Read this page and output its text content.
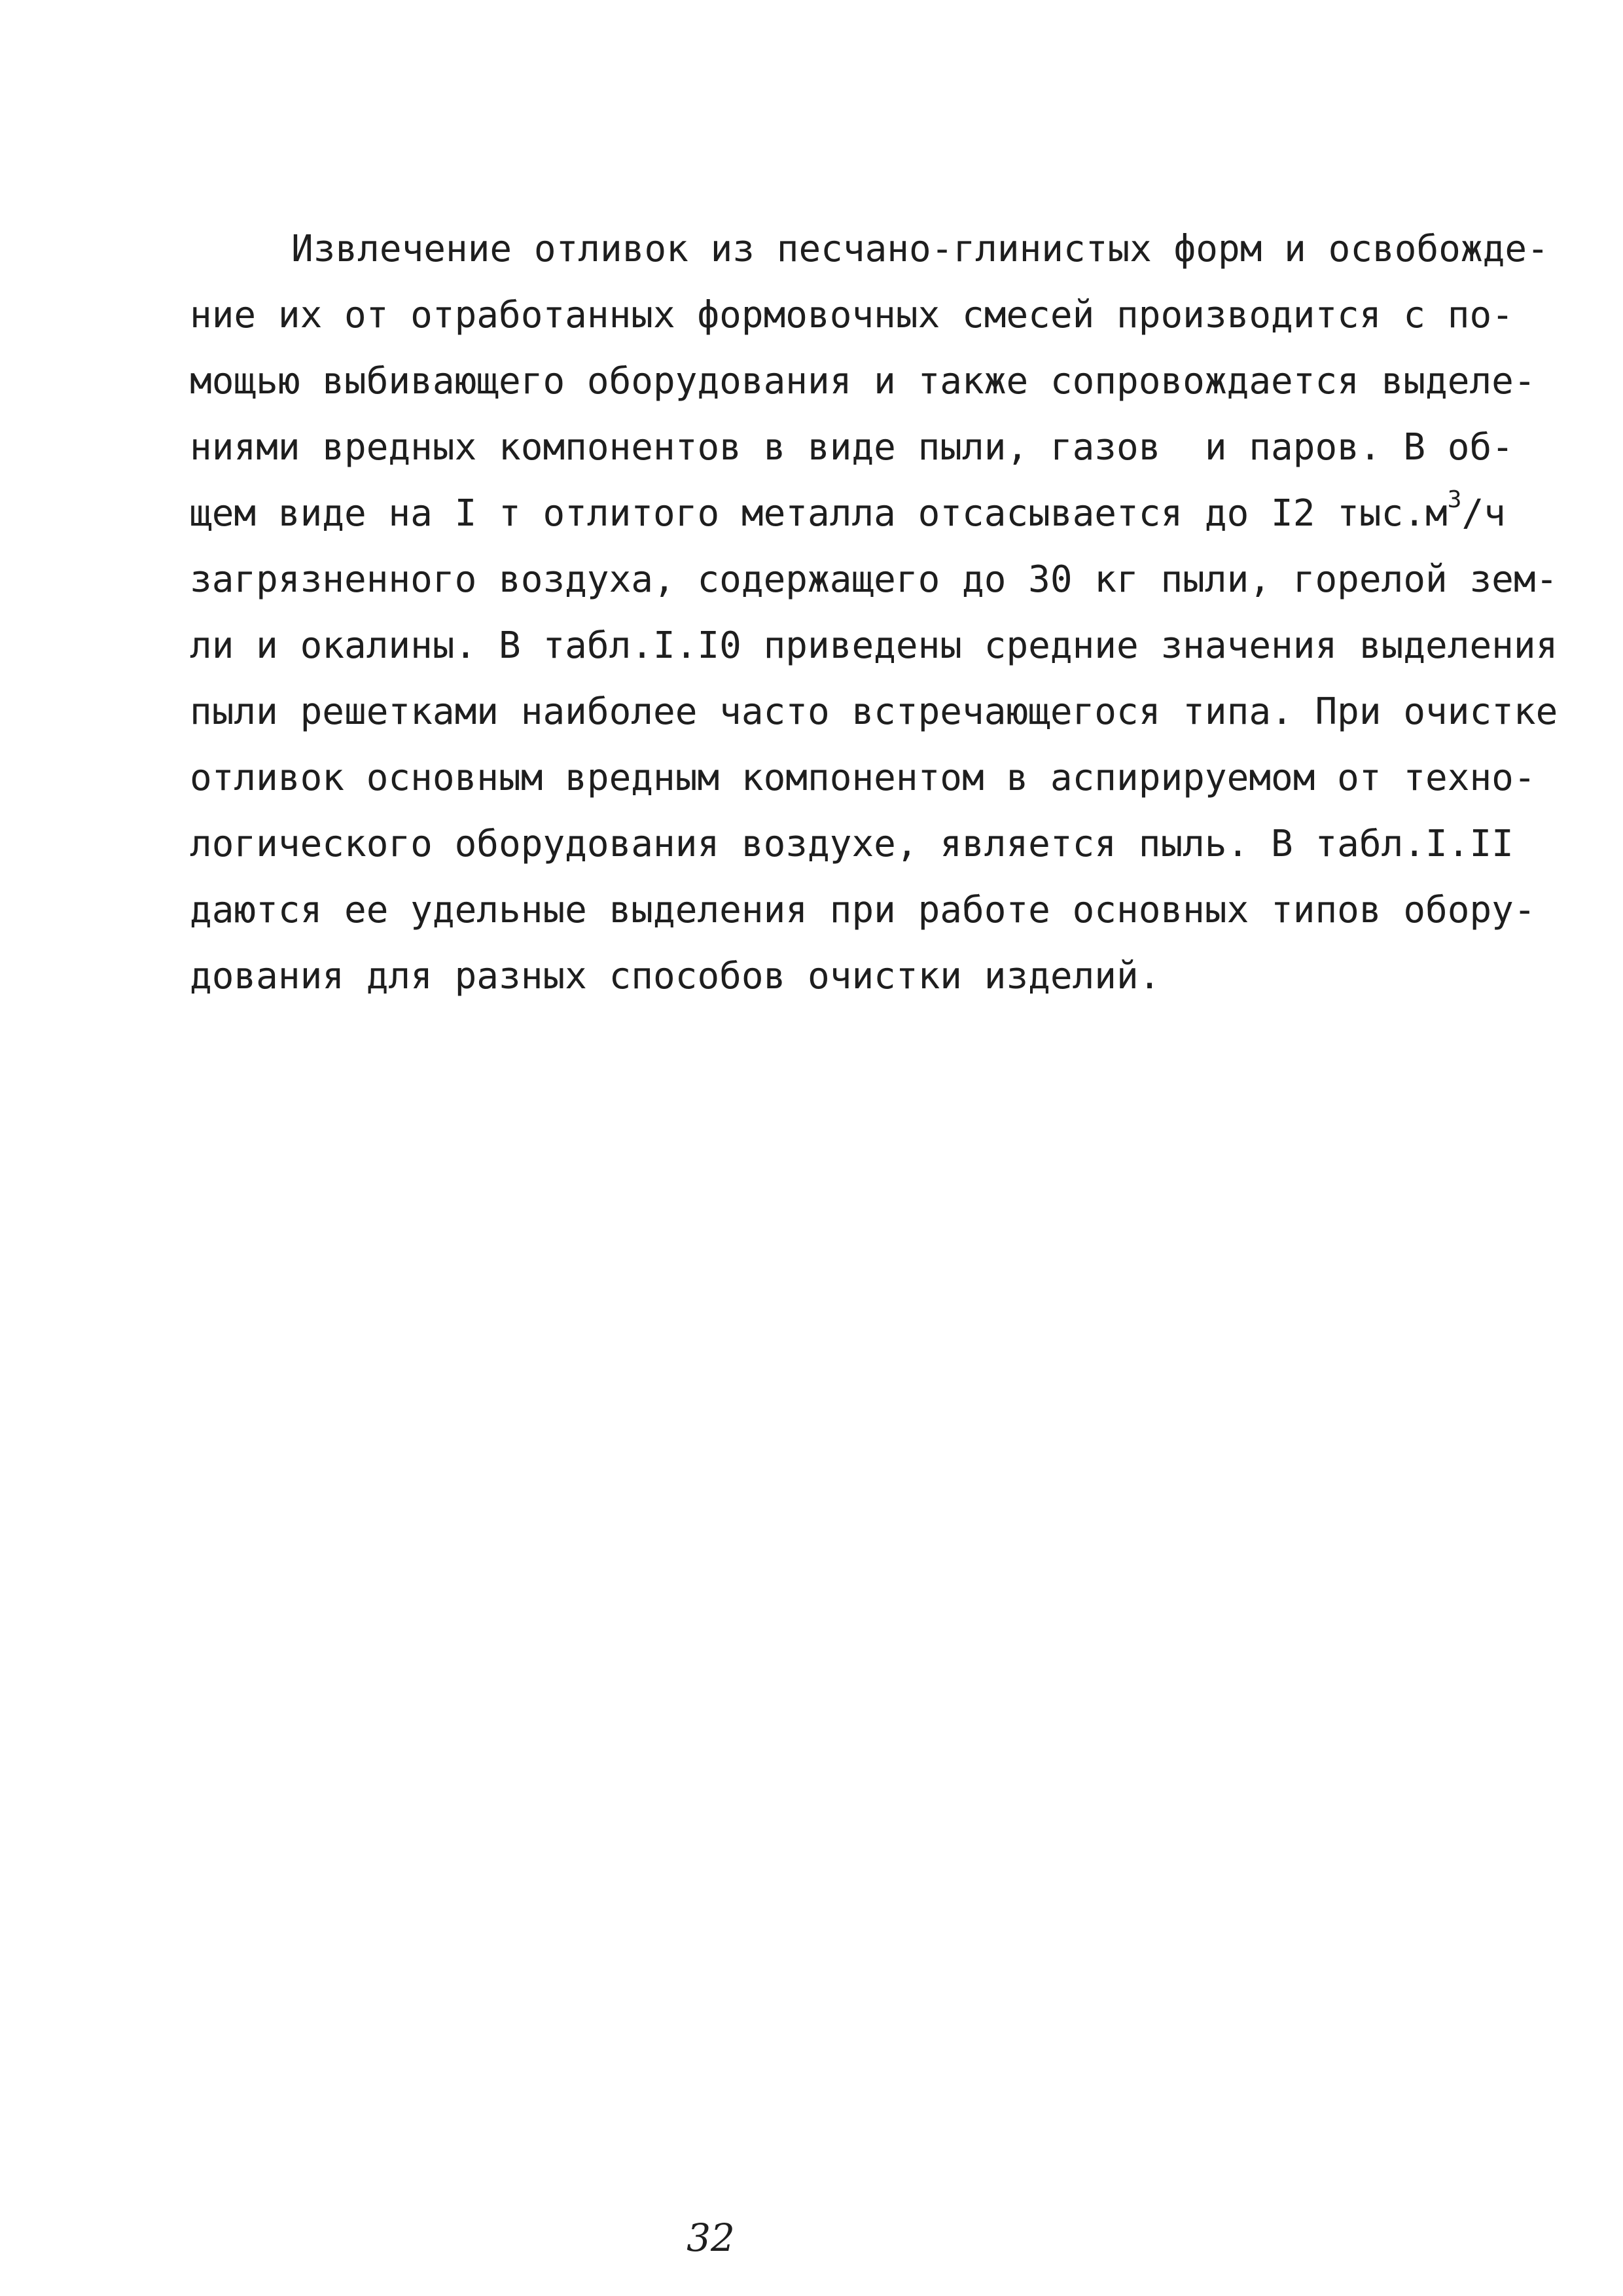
Извлечение отливок из песчано-глинистых форм и освобожде-
ние их от отработанных формовочных смесей производится с по-
мощью выбивающего оборудования и также сопровождается выделе-
ниями вредных компонентов в виде пыли, газов  и паров. В об-
щем виде на I т отлитого металла отсасывается до I2 $тыс.м^3/ч$
загрязненного воздуха, содержащего до 30 кг пыли, горелой зем-
ли и окалины. В табл.I.I0 приведены средние значения выделения
пыли решетками наиболее часто встречающегося типа. При очистке
отливок основным вредным компонентом в аспирируемом от техно-
логического оборудования воздухе, является пыль. В табл.I.II
даются ее удельные выделения при работе основных типов обору-
дования для разных способов очистки изделий.
32
